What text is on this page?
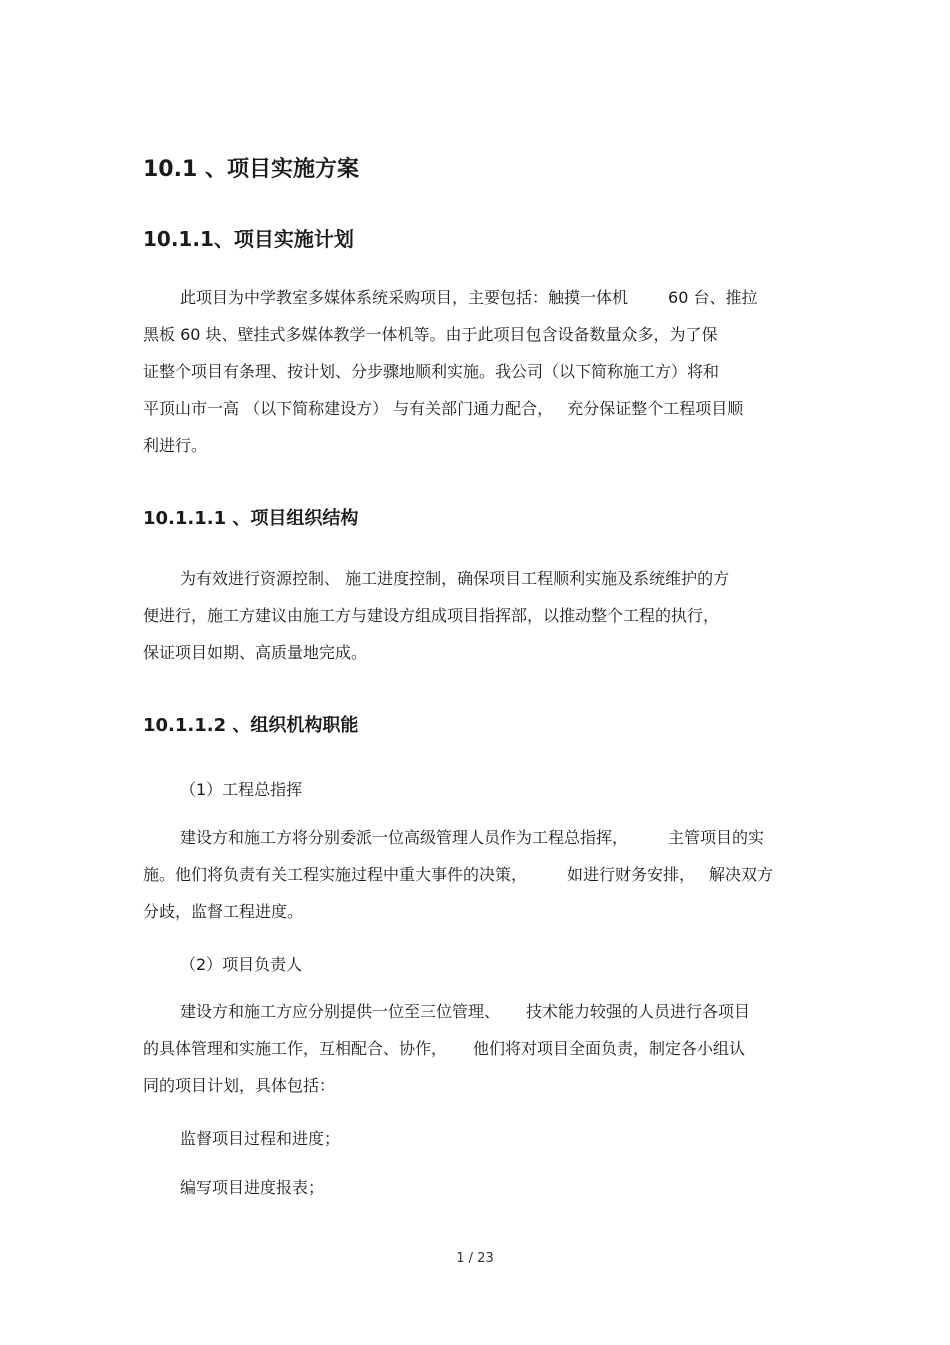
10.1 、项目实施方案
10.1.1、项目实施计划
此项目为中学教室多媒体系统采购项目，主要包括：触摸一体机	60 台、推拉
黑板 60 块、壁挂式多媒体教学一体机等。由于此项目包含设备数量众多，为了保
证整个项目有条理、按计划、分步骤地顺利实施。我公司（以下简称施工方）将和
平顶山市一高 （以下简称建设方） 与有关部门通力配合， 充分保证整个工程项目顺
利进行。
10.1.1.1 、项目组织结构
为有效进行资源控制、 施工进度控制，确保项目工程顺利实施及系统维护的方
便进行，施工方建议由施工方与建设方组成项目指挥部，以推动整个工程的执行，
保证项目如期、高质量地完成。
10.1.1.2 、组织机构职能
（1）工程总指挥
建设方和施工方将分别委派一位高级管理人员作为工程总指挥，	主管项目的实
施。他们将负责有关工程实施过程中重大事件的决策，	如进行财务安排， 解决双方
分歧，监督工程进度。
（2）项目负责人
建设方和施工方应分别提供一位至三位管理、 技术能力较强的人员进行各项目
的具体管理和实施工作，互相配合、协作， 他们将对项目全面负责，制定各小组认
同的项目计划，具体包括：
监督项目过程和进度；
编写项目进度报表；
1 / 23
